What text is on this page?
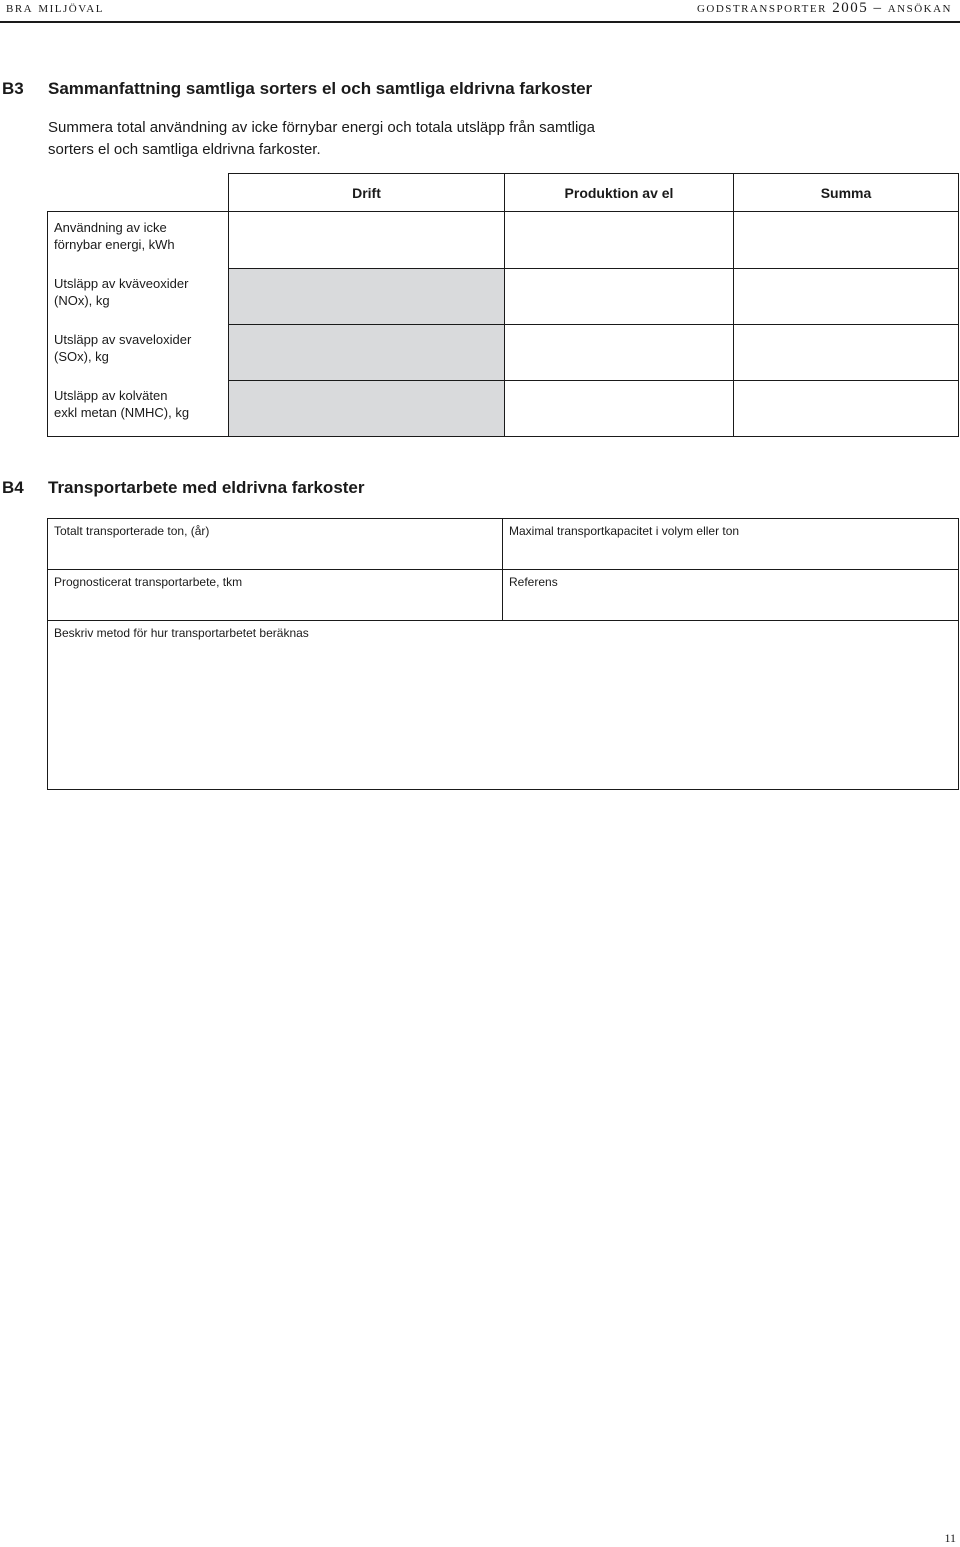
bra miljöval	godstransporter 2005 – ansökan
B3 Sammanfattning samtliga sorters el och samtliga eldrivna farkoster
Summera total användning av icke förnybar energi och totala utsläpp från samtliga
sorters el och samtliga eldrivna farkoster.
	Drift	Produktion av el	Summa

Användning av icke
förnybar energi, kWh			

Utsläpp av kväveoxider
(NOx), kg			

Utsläpp av svaveloxider
(SOx), kg			

Utsläpp av kolväten
exkl metan (NMHC), kg			

B4 Transportarbete med eldrivna farkoster
Totalt transporterade ton, (år)	Maximal transportkapacitet i volym eller ton
Prognosticerat transportarbete, tkm	Referens
Beskriv metod för hur transportarbetet beräknas	
11
